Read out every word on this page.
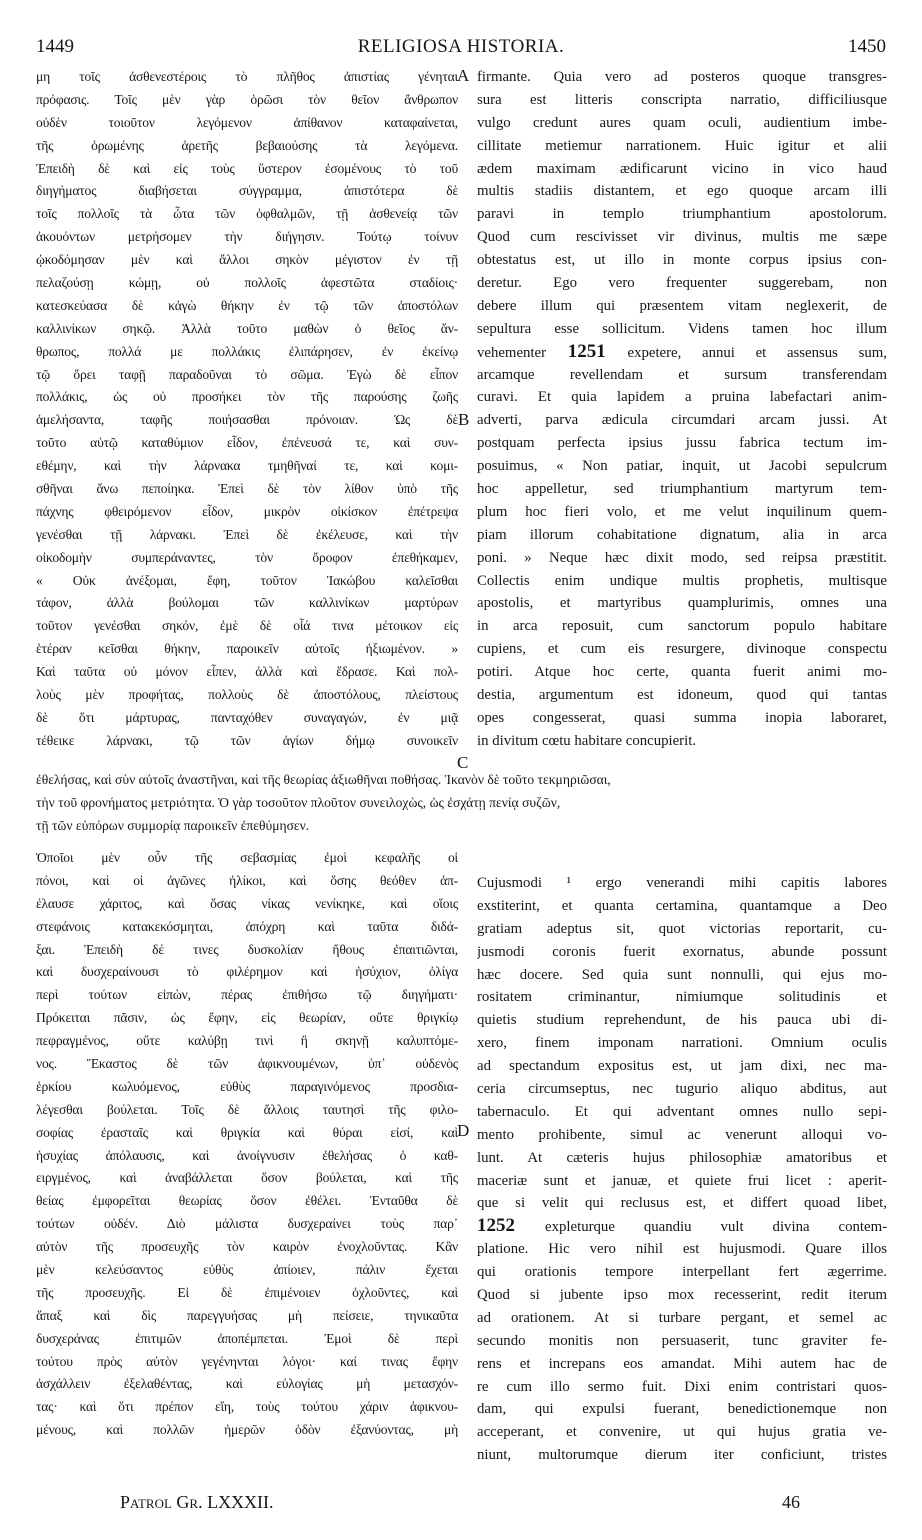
1449	RELIGIOSA HISTORIA.	1450
μη τοῖς ἀσθενεστέροις τὸ πλῆθος ἀπιστίας γένηται
πρόφασις. Τοῖς μὲν γὰρ ὁρῶσι τὸν θεῖον ἄνθρωπον
οὐδὲν τοιοῦτον λεγόμενον ἀπίθανον καταφαίνεται,
τῆς ὁρωμένης ἀρετῆς βεβαιούσης τὰ λεγόμενα.
Ἐπειδὴ δὲ καὶ εἰς τοὺς ὕστερον ἐσομένους τὸ τοῦ
διηγήματος διαβήσεται σύγγραμμα, ἀπιστότερα δὲ
τοῖς πολλοῖς τὰ ὦτα τῶν ὀφθαλμῶν, τῇ ἀσθενείᾳ τῶν
ἀκουόντων μετρήσομεν τὴν διήγησιν. Τούτῳ τοίνυν
ᾠκοδόμησαν μὲν καὶ ἄλλοι σηκὸν μέγιστον ἐν τῇ
πελαζούσῃ κώμῃ, οὐ πολλοῖς ἀφεστῶτα σταδίοις·
κατεσκεύασα δὲ κἀγὼ θήκην ἐν τῷ τῶν ἀποστόλων
καλλινίκων σηκῷ. Ἀλλὰ τοῦτο μαθὼν ὁ θεῖος ἄν-
θρωπος, πολλά με πολλάκις ἐλιπάρησεν, ἐν ἐκείνῳ
τῷ ὄρει ταφῇ παραδοῦναι τὸ σῶμα. Ἐγὼ δὲ εἶπον
πολλάκις, ὡς οὐ προσήκει τὸν τῆς παρούσης ζωῆς
ἀμελήσαντα, ταφῆς ποιήσασθαι πρόνοιαν. Ὡς δὲ
τοῦτο αὐτῷ καταθύμιον εἶδον, ἐπένευσά τε, καὶ συν-
εθέμην, καὶ τὴν λάρνακα τμηθῆναί τε, καὶ κομι-
σθῆναι ἄνω πεποίηκα. Ἐπεὶ δὲ τὸν λίθον ὑπὸ τῆς
πάχνης φθειρόμενον εἶδον, μικρὸν οἰκίσκον ἐπέτρεψα
γενέσθαι τῇ λάρνακι. Ἐπεὶ δὲ ἐκέλευσε, καὶ τὴν
οἰκοδομὴν συμπεράναντες, τὸν ὄροφον ἐπεθήκαμεν,
« Οὐκ ἀνέξομαι, ἔφη, τοῦτον Ἰακώβου καλεῖσθαι
τάφον, ἀλλὰ βούλομαι τῶν καλλινίκων μαρτύρων
τοῦτον γενέσθαι σηκόν, ἐμὲ δὲ οἷά τινα μέτοικον εἰς
ἑτέραν κεῖσθαι θήκην, παροικεῖν αὐτοῖς ἠξιωμένον. »
Καὶ ταῦτα οὐ μόνον εἶπεν, ἀλλὰ καὶ ἔδρασε. Καὶ πολ-
λοὺς μὲν προφήτας, πολλοὺς δὲ ἀποστόλους, πλείστους
δὲ ὅτι μάρτυρας, πανταχόθεν συναγαγών, ἐν μιᾷ
τέθεικε λάρνακι, τῷ τῶν ἁγίων δήμῳ συνοικεῖν
firmante. Quia vero ad posteros quoque transgres-
sura est litteris conscripta narratio, difficiliusque
vulgo credunt aures quam oculi, audientium imbe-
cillitate metiemur narrationem. Huic igitur et alii
ædem maximam ædificarunt vicino in vico haud
multis stadiis distantem, et ego quoque arcam illi
paravi in templo triumphantium apostolorum.
Quod cum rescivisset vir divinus, multis me sæpe
obtestatus est, ut illo in monte corpus ipsius con-
deretur. Ego vero frequenter suggerebam, non
debere illum qui præsentem vitam neglexerit, de
sepultura esse sollicitum. Videns tamen hoc illum
vehementer 1251 expetere, annui et assensus sum,
arcamque revellendam et sursum transferendam
curavi. Et quia lapidem a pruina labefactari anim-
adverti, parva ædicula circumdari arcam jussi. At
postquam perfecta ipsius jussu fabrica tectum im-
posuimus, « Non patiar, inquit, ut Jacobi sepulcrum
hoc appelletur, sed triumphantium martyrum tem-
plum hoc fieri volo, et me velut inquilinum quem-
piam illorum cohabitatione dignatum, alia in arca
poni. » Neque hæc dixit modo, sed reipsa præstitit.
Collectis enim undique multis prophetis, multisque
apostolis, et martyribus quamplurimis, omnes una
in arca reposuit, cum sanctorum populo habitare
cupiens, et cum eis resurgere, divinoque conspectu
potiri. Atque hoc certe, quanta fuerit animi mo-
destia, argumentum est idoneum, quod qui tantas
opes congesserat, quasi summa inopia laboraret,
in divitum cœtu habitare concupierit.
ἐθελήσας, καὶ σὺν αὐτοῖς ἀναστῆναι, καὶ τῆς θεωρίας ἀξιωθῆναι ποθήσας. Ἱκανὸν δὲ τοῦτο τεκμηριῶσαι,
τὴν τοῦ φρονήματος μετριότητα. Ὁ γὰρ τοσοῦτον πλοῦτον συνειλοχὼς, ὡς ἐσχάτῃ πενίᾳ συζῶν,
τῇ τῶν εὐπόρων συμμορίᾳ παροικεῖν ἐπεθύμησεν.
Ὁποῖοι μὲν οὖν τῆς σεβασμίας ἐμοὶ κεφαλῆς οἱ
πόνοι, καὶ οἱ ἀγῶνες ἡλίκοι, καὶ ὅσης θεόθεν ἀπ-
έλαυσε χάριτος, καὶ ὅσας νίκας νενίκηκε, καὶ οἵοις
στεφάνοις κατακεκόσμηται, ἀπόχρη καὶ ταῦτα διδά-
ξαι. Ἐπειδὴ δέ τινες δυσκολίαν ἤθους ἐπαιτιῶνται,
καὶ δυσχεραίνουσι τὸ φιλέρημον καὶ ἡσύχιον, ὀλίγα
περὶ τούτων εἰπὼν, πέρας ἐπιθήσω τῷ διηγήματι·
Πρόκειται πᾶσιν, ὡς ἔφην, εἰς θεωρίαν, οὔτε θριγκίῳ
πεφραγμένος, οὔτε καλύβῃ τινὶ ἢ σκηνῇ καλυπτόμε-
νος. Ἕκαστος δὲ τῶν ἀφικνουμένων, ὑπ᾽ οὐδενὸς
ἑρκίου κωλυόμενος, εὐθὺς παραγινόμενος προσδια-
λέγεσθαι βούλεται. Τοῖς δὲ ἄλλοις ταυτησὶ τῆς φιλο-
σοφίας ἐρασταῖς καὶ θριγκία καὶ θύραι εἰσί, καὶ
ἡσυχίας ἀπόλαυσις, καὶ ἀνοίγνυσιν ἐθελήσας ὁ καθ-
ειργμένος, καὶ ἀναβάλλεται ὅσον βούλεται, καὶ τῆς
θείας ἐμφορεῖται θεωρίας ὅσον ἐθέλει. Ἐνταῦθα δὲ
τούτων οὐδέν. Διὸ μάλιστα δυσχεραίνει τοὺς παρ᾽
αὐτὸν τῆς προσευχῆς τὸν καιρὸν ἐνοχλοῦντας. Κἂν
μὲν κελεύσαντος εὐθὺς ἀπίοιεν, πάλιν ἔχεται
τῆς προσευχῆς. Εἰ δὲ ἐπιμένοιεν ὀχλοῦντες, καὶ
ἅπαξ καὶ δὶς παρεγγυήσας μὴ πείσειε, τηνικαῦτα
δυσχεράνας ἐπιτιμῶν ἀποπέμπεται. Ἐμοὶ δὲ περὶ
τούτου πρὸς αὐτὸν γεγένηνται λόγοι· καί τινας ἔφην
ἀσχάλλειν ἐξελαθέντας, καὶ εὐλογίας μὴ μετασχόν-
τας· καὶ ὅτι πρέπον εἴη, τοὺς τούτου χάριν ἀφικνου-
μένους, καὶ πολλῶν ἡμερῶν ὁδὸν ἐξανύοντας, μὴ
Cujusmodi ¹ ergo venerandi mihi capitis labores
exstiterint, et quanta certamina, quantamque a Deo
gratiam adeptus sit, quot victorias reportarit, cu-
jusmodi coronis fuerit exornatus, abunde possunt
hæc docere. Sed quia sunt nonnulli, qui ejus mo-
rositatem criminantur, nimiumque solitudinis et
quietis studium reprehendunt, de his pauca ubi di-
xero, finem imponam narrationi. Omnium oculis
ad spectandum expositus est, ut jam dixi, nec ma-
ceria circumseptus, nec tugurio aliquo abditus, aut
tabernaculo. Et qui adventant omnes nullo sepi-
mento prohibente, simul ac venerunt alloqui vo-
lunt. At cæteris hujus philosophiæ amatoribus et
maceriæ sunt et januæ, et quiete frui licet : aperit-
que si velit qui reclusus est, et differt quoad libet,
1252 expleturque quandiu vult divina contem-
platione. Hic vero nihil est hujusmodi. Quare illos
qui orationis tempore interpellant fert ægerrime.
Quod si jubente ipso mox recesserint, redit iterum
ad orationem. At si turbare pergant, et semel ac
secundo monitis non persuaserit, tunc graviter fe-
rens et increpans eos amandat. Mihi autem hac de
re cum illo sermo fuit. Dixi enim contristari quos-
dam, qui expulsi fuerant, benedictionemque non
acceperant, et convenire, ut qui hujus gratia ve-
niunt, multorumque dierum iter conficiunt, tristes
A
B
C
D
Patrol Gr. LXXXII.	46
